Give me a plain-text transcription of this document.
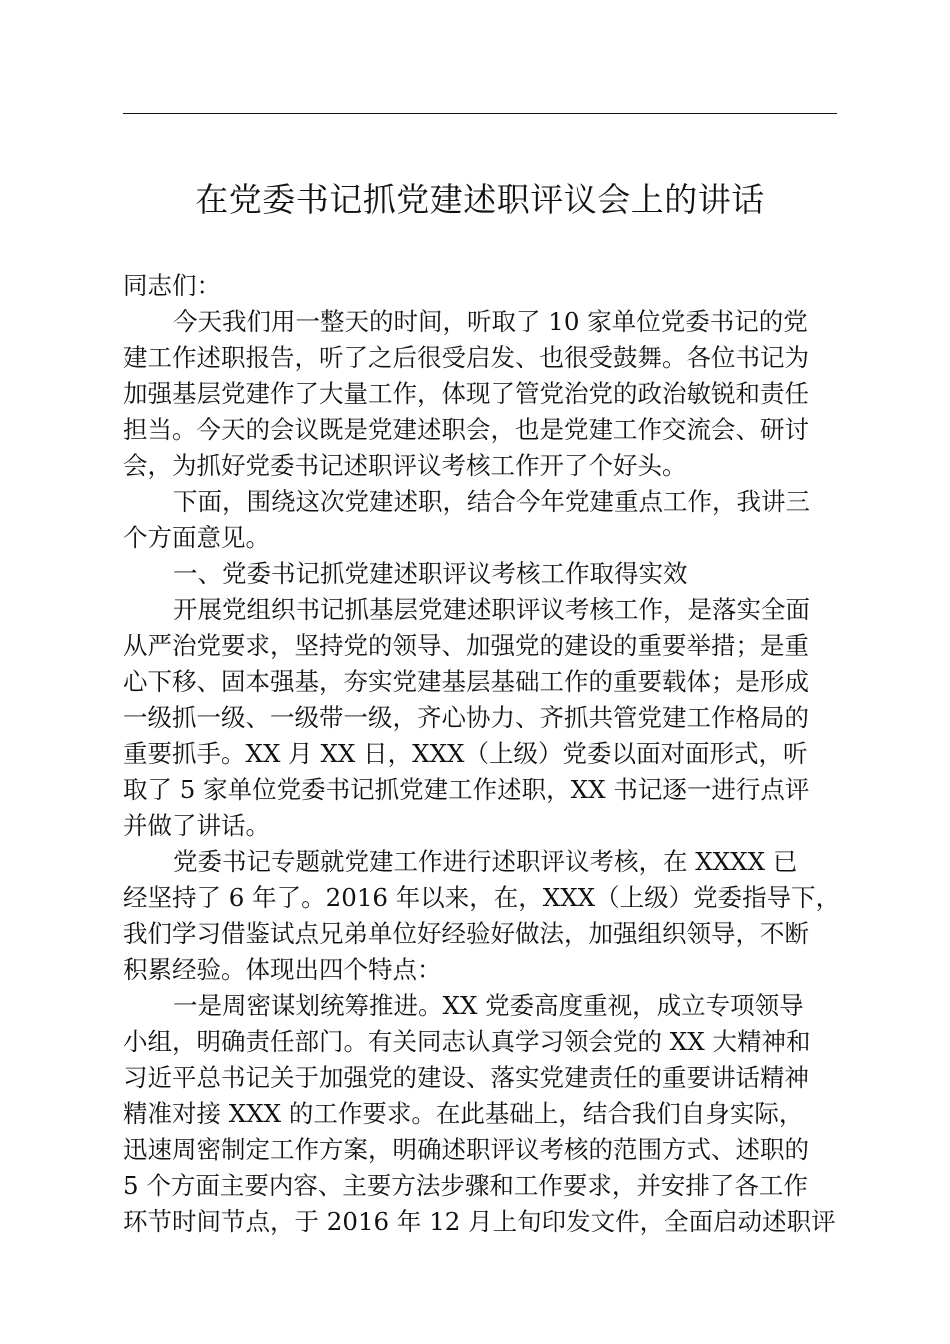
在党委书记抓党建述职评议会上的讲话
同志们：
今天我们用一整天的时间，听取了 10 家单位党委书记的党
建工作述职报告，听了之后很受启发、也很受鼓舞。各位书记为
加强基层党建作了大量工作，体现了管党治党的政治敏锐和责任
担当。今天的会议既是党建述职会，也是党建工作交流会、研讨
会，为抓好党委书记述职评议考核工作开了个好头。
下面，围绕这次党建述职，结合今年党建重点工作，我讲三
个方面意见。
一、党委书记抓党建述职评议考核工作取得实效
开展党组织书记抓基层党建述职评议考核工作，是落实全面
从严治党要求，坚持党的领导、加强党的建设的重要举措；是重
心下移、固本强基，夯实党建基层基础工作的重要载体；是形成
一级抓一级、一级带一级，齐心协力、齐抓共管党建工作格局的
重要抓手。XX 月 XX 日，XXX（上级）党委以面对面形式，听
取了 5 家单位党委书记抓党建工作述职，XX 书记逐一进行点评
并做了讲话。
党委书记专题就党建工作进行述职评议考核，在 XXXX 已
经坚持了 6 年了。2016 年以来，在，XXX（上级）党委指导下，
我们学习借鉴试点兄弟单位好经验好做法，加强组织领导，不断
积累经验。体现出四个特点：
一是周密谋划统筹推进。XX 党委高度重视，成立专项领导
小组，明确责任部门。有关同志认真学习领会党的 XX 大精神和
习近平总书记关于加强党的建设、落实党建责任的重要讲话精神
精准对接 XXX 的工作要求。在此基础上，结合我们自身实际，
迅速周密制定工作方案，明确述职评议考核的范围方式、述职的
5 个方面主要内容、主要方法步骤和工作要求，并安排了各工作
环节时间节点，于 2016 年 12 月上旬印发文件，全面启动述职评
